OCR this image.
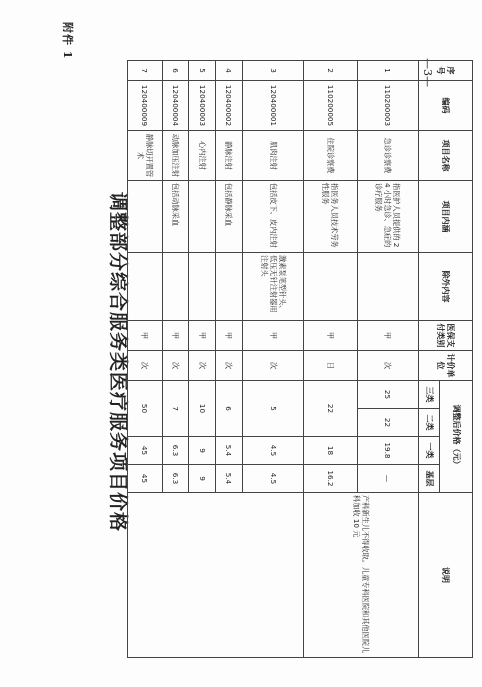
—3—
附件 1
调整部分综合服务类医疗服务项目价格
序号	编码	项目名称	项目内涵	除外内容	医保支付类别	计价单位	调整后价格（元）				说明
							三类	二类	一类	基层	
1	110200003	急诊诊察费	指医护人员提供的 24 小时急诊、急症的诊疗服务		甲	次	25	22	19.8	—	产科新生儿不得收取。儿童专科医院和其他医院儿科加收 10 元
2	110200005	住院诊察费	指医务人员技术劳务性服务		甲	日	22		18	16.2	
3	120400001	肌肉注射	包括皮下、皮内注射	激素泵笔型针头、低压无针注射器用注射头	甲	次	5		4.5	4.5	
4	120400002	静脉注射	包括静脉采血		甲	次	6		5.4	5.4	
5	120400003	心内注射			甲	次	10		9	9	
6	120400004	动脉加压注射	包括动脉采血		甲	次	7		6.3	6.3	
7	120400009	静脉切开置管术			甲	次	50		45	45	
